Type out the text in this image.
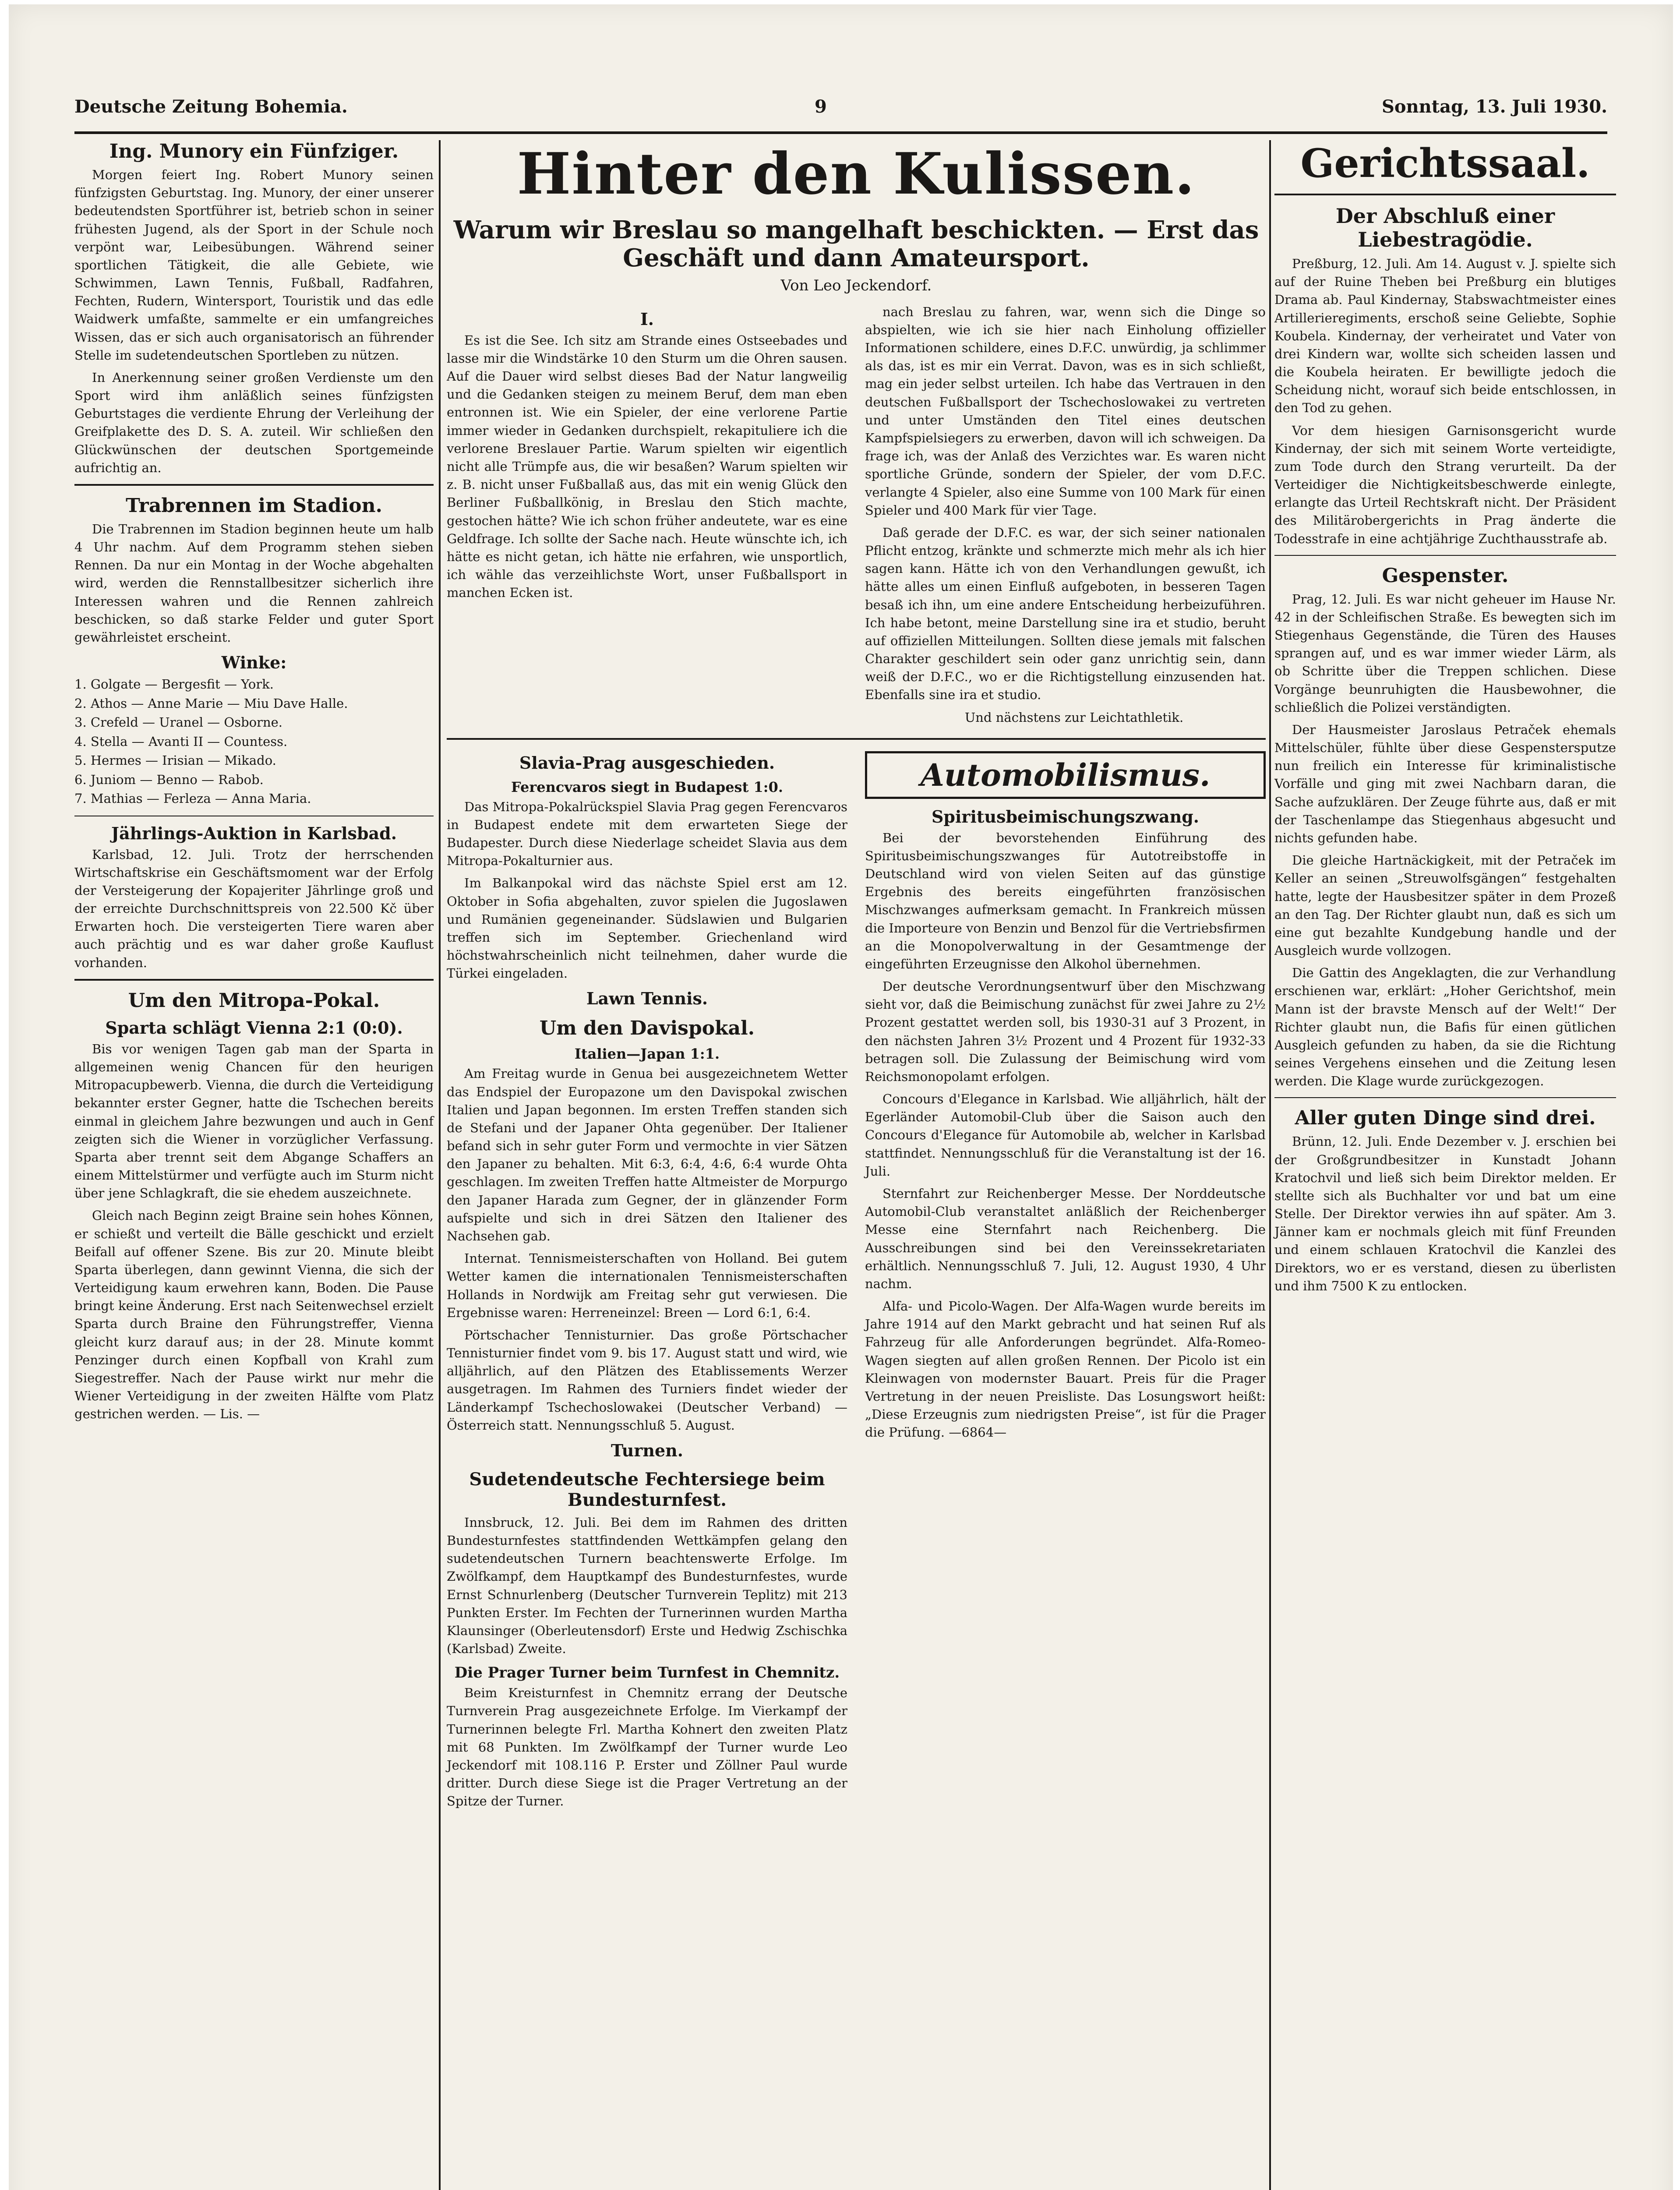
Deutsche Zeitung Bohemia.	9	Sonntag, 13. Juli 1930.
Ing. Munory ein Fünfziger.

Morgen feiert Ing. Robert Munory seinen fünfzigsten Geburtstag. Ing. Munory, der einer unserer bedeutendsten Sportführer ist, betrieb schon in seiner frühesten Jugend, als der Sport in der Schule noch verpönt war, Leibesübungen. Während seiner sportlichen Tätigkeit, die alle Gebiete, wie Schwimmen, Lawn Tennis, Fußball, Radfahren, Fechten, Rudern, Wintersport, Touristik und das edle Waidwerk umfaßte, sammelte er ein umfangreiches Wissen, das er sich auch organisatorisch an führender Stelle im sudetendeutschen Sportleben zu nützen.

In Anerkennung seiner großen Verdienste um den Sport wird ihm anläßlich seines fünfzigsten Geburtstages die verdiente Ehrung der Verleihung der Greifplakette des D. S. A. zuteil. Wir schließen den Glückwünschen der deutschen Sportgemeinde aufrichtig an.

Trabrennen im Stadion.

Die Trabrennen im Stadion beginnen heute um halb 4 Uhr nachm. Auf dem Programm stehen sieben Rennen. Da nur ein Montag in der Woche abgehalten wird, werden die Rennstallbesitzer sicherlich ihre Interessen wahren und die Rennen zahlreich beschicken, so daß starke Felder und guter Sport gewährleistet erscheint.

Winke:
1. Golgate — Bergesfit — York.
2. Athos — Anne Marie — Miu Dave Halle.
3. Crefeld — Uranel — Osborne.
4. Stella — Avanti II — Countess.
5. Hermes — Irisian — Mikado.
6. Juniom — Benno — Rabob.
7. Mathias — Ferleza — Anna Maria.
Jährlings-Auktion in Karlsbad.

Karlsbad, 12. Juli. Trotz der herrschenden Wirtschaftskrise ein Geschäftsmoment war der Erfolg der Versteigerung der Kopajeriter Jährlinge groß und der erreichte Durchschnittspreis von 22.500 Kč über Erwarten hoch. Die versteigerten Tiere waren aber auch prächtig und es war daher große Kauflust vorhanden.

Um den Mitropa-Pokal.
Sparta schlägt Vienna 2:1 (0:0).

Bis vor wenigen Tagen gab man der Sparta in allgemeinen wenig Chancen für den heurigen Mitropacupbewerb. Vienna, die durch die Verteidigung bekannter erster Gegner, hatte die Tschechen bereits einmal in gleichem Jahre bezwungen und auch in Genf zeigten sich die Wiener in vorzüglicher Verfassung. Sparta aber trennt seit dem Abgange Schaffers an einem Mittelstürmer und verfügte auch im Sturm nicht über jene Schlagkraft, die sie ehedem auszeichnete.

Gleich nach Beginn zeigt Braine sein hohes Können, er schießt und verteilt die Bälle geschickt und erzielt Beifall auf offener Szene. Bis zur 20. Minute bleibt Sparta überlegen, dann gewinnt Vienna, die sich der Verteidigung kaum erwehren kann, Boden. Die Pause bringt keine Änderung. Erst nach Seitenwechsel erzielt Sparta durch Braine den Führungstreffer, Vienna gleicht kurz darauf aus; in der 28. Minute kommt Penzinger durch einen Kopfball von Krahl zum Siegestreffer. Nach der Pause wirkt nur mehr die Wiener Verteidigung in der zweiten Hälfte vom Platz gestrichen werden. — Lis. —

Hinter den Kulissen.
Warum wir Breslau so mangelhaft beschickten. — Erst das Geschäft und dann Amateursport.
Von Leo Jeckendorf.
I.

Es ist die See. Ich sitz am Strande eines Ostseebades und lasse mir die Windstärke 10 den Sturm um die Ohren sausen. Auf die Dauer wird selbst dieses Bad der Natur langweilig und die Gedanken steigen zu meinem Beruf, dem man eben entronnen ist. Wie ein Spieler, der eine verlorene Partie immer wieder in Gedanken durchspielt, rekapituliere ich die verlorene Breslauer Partie. Warum spielten wir eigentlich nicht alle Trümpfe aus, die wir besaßen? Warum spielten wir z. B. nicht unser Fußballaß aus, das mit ein wenig Glück den Berliner Fußballkönig, in Breslau den Stich machte, gestochen hätte? Wie ich schon früher andeutete, war es eine Geldfrage. Ich sollte der Sache nach. Heute wünschte ich, ich hätte es nicht getan, ich hätte nie erfahren, wie unsportlich, ich wähle das verzeihlichste Wort, unser Fußballsport in manchen Ecken ist.

nach Breslau zu fahren, war, wenn sich die Dinge so abspielten, wie ich sie hier nach Einholung offizieller Informationen schildere, eines D.F.C. unwürdig, ja schlimmer als das, ist es mir ein Verrat. Davon, was es in sich schließt, mag ein jeder selbst urteilen. Ich habe das Vertrauen in den deutschen Fußballsport der Tschechoslowakei zu vertreten und unter Umständen den Titel eines deutschen Kampfspielsiegers zu erwerben, davon will ich schweigen. Da frage ich, was der Anlaß des Verzichtes war. Es waren nicht sportliche Gründe, sondern der Spieler, der vom D.F.C. verlangte 4 Spieler, also eine Summe von 100 Mark für einen Spieler und 400 Mark für vier Tage.

Daß gerade der D.F.C. es war, der sich seiner nationalen Pflicht entzog, kränkte und schmerzte mich mehr als ich hier sagen kann. Hätte ich von den Verhandlungen gewußt, ich hätte alles um einen Einfluß aufgeboten, in besseren Tagen besaß ich ihn, um eine andere Entscheidung herbeizuführen. Ich habe betont, meine Darstellung sine ira et studio, beruht auf offiziellen Mitteilungen. Sollten diese jemals mit falschen Charakter geschildert sein oder ganz unrichtig sein, dann weiß der D.F.C., wo er die Richtigstellung einzusenden hat. Ebenfalls sine ira et studio.

Und nächstens zur Leichtathletik.

Slavia-Prag ausgeschieden.
Ferencvaros siegt in Budapest 1:0.

Das Mitropa-Pokalrückspiel Slavia Prag gegen Ferencvaros in Budapest endete mit dem erwarteten Siege der Budapester. Durch diese Niederlage scheidet Slavia aus dem Mitropa-Pokalturnier aus.

Im Balkanpokal wird das nächste Spiel erst am 12. Oktober in Sofia abgehalten, zuvor spielen die Jugoslawen und Rumänien gegeneinander. Südslawien und Bulgarien treffen sich im September. Griechenland wird höchstwahrscheinlich nicht teilnehmen, daher wurde die Türkei eingeladen.

Lawn Tennis.
Um den Davispokal.
Italien—Japan 1:1.

Am Freitag wurde in Genua bei ausgezeichnetem Wetter das Endspiel der Europazone um den Davispokal zwischen Italien und Japan begonnen. Im ersten Treffen standen sich de Stefani und der Japaner Ohta gegenüber. Der Italiener befand sich in sehr guter Form und vermochte in vier Sätzen den Japaner zu behalten. Mit 6:3, 6:4, 4:6, 6:4 wurde Ohta geschlagen. Im zweiten Treffen hatte Altmeister de Morpurgo den Japaner Harada zum Gegner, der in glänzender Form aufspielte und sich in drei Sätzen den Italiener des Nachsehen gab.

Internat. Tennismeisterschaften von Holland. Bei gutem Wetter kamen die internationalen Tennismeisterschaften Hollands in Nordwijk am Freitag sehr gut verwiesen. Die Ergebnisse waren: Herreneinzel: Breen — Lord 6:1, 6:4.

Pörtschacher Tennisturnier. Das große Pörtschacher Tennisturnier findet vom 9. bis 17. August statt und wird, wie alljährlich, auf den Plätzen des Etablissements Werzer ausgetragen. Im Rahmen des Turniers findet wieder der Länderkampf Tschechoslowakei (Deutscher Verband) — Österreich statt. Nennungsschluß 5. August.

Turnen.
Sudetendeutsche Fechtersiege beim Bundesturnfest.

Innsbruck, 12. Juli. Bei dem im Rahmen des dritten Bundesturnfestes stattfindenden Wettkämpfen gelang den sudetendeutschen Turnern beachtenswerte Erfolge. Im Zwölfkampf, dem Hauptkampf des Bundesturnfestes, wurde Ernst Schnurlenberg (Deutscher Turnverein Teplitz) mit 213 Punkten Erster. Im Fechten der Turnerinnen wurden Martha Klaunsinger (Oberleutensdorf) Erste und Hedwig Zschischka (Karlsbad) Zweite.

Die Prager Turner beim Turnfest in Chemnitz.

Beim Kreisturnfest in Chemnitz errang der Deutsche Turnverein Prag ausgezeichnete Erfolge. Im Vierkampf der Turnerinnen belegte Frl. Martha Kohnert den zweiten Platz mit 68 Punkten. Im Zwölfkampf der Turner wurde Leo Jeckendorf mit 108.116 P. Erster und Zöllner Paul wurde dritter. Durch diese Siege ist die Prager Vertretung an der Spitze der Turner.

Automobilismus.
Spiritusbeimischungszwang.

Bei der bevorstehenden Einführung des Spiritusbeimischungszwanges für Autotreibstoffe in Deutschland wird von vielen Seiten auf das günstige Ergebnis des bereits eingeführten französischen Mischzwanges aufmerksam gemacht. In Frankreich müssen die Importeure von Benzin und Benzol für die Vertriebsfirmen an die Monopolverwaltung in der Gesamtmenge der eingeführten Erzeugnisse den Alkohol übernehmen.

Der deutsche Verordnungsentwurf über den Mischzwang sieht vor, daß die Beimischung zunächst für zwei Jahre zu 2½ Prozent gestattet werden soll, bis 1930-31 auf 3 Prozent, in den nächsten Jahren 3½ Prozent und 4 Prozent für 1932-33 betragen soll. Die Zulassung der Beimischung wird vom Reichsmonopolamt erfolgen.

Concours d'Elegance in Karlsbad. Wie alljährlich, hält der Egerländer Automobil-Club über die Saison auch den Concours d'Elegance für Automobile ab, welcher in Karlsbad stattfindet. Nennungsschluß für die Veranstaltung ist der 16. Juli.

Sternfahrt zur Reichenberger Messe. Der Norddeutsche Automobil-Club veranstaltet anläßlich der Reichenberger Messe eine Sternfahrt nach Reichenberg. Die Ausschreibungen sind bei den Vereinssekretariaten erhältlich. Nennungsschluß 7. Juli, 12. August 1930, 4 Uhr nachm.

Alfa- und Picolo-Wagen. Der Alfa-Wagen wurde bereits im Jahre 1914 auf den Markt gebracht und hat seinen Ruf als Fahrzeug für alle Anforderungen begründet. Alfa-Romeo-Wagen siegten auf allen großen Rennen. Der Picolo ist ein Kleinwagen von modernster Bauart. Preis für die Prager Vertretung in der neuen Preisliste. Das Losungswort heißt: „Diese Erzeugnis zum niedrigsten Preise“, ist für die Prager die Prüfung. —6864—

Gerichtssaal.
Der Abschluß einer Liebestragödie.

Preßburg, 12. Juli. Am 14. August v. J. spielte sich auf der Ruine Theben bei Preßburg ein blutiges Drama ab. Paul Kindernay, Stabswachtmeister eines Artillerieregiments, erschoß seine Geliebte, Sophie Koubela. Kindernay, der verheiratet und Vater von drei Kindern war, wollte sich scheiden lassen und die Koubela heiraten. Er bewilligte jedoch die Scheidung nicht, worauf sich beide entschlossen, in den Tod zu gehen.

Vor dem hiesigen Garnisonsgericht wurde Kindernay, der sich mit seinem Worte verteidigte, zum Tode durch den Strang verurteilt. Da der Verteidiger die Nichtigkeitsbeschwerde einlegte, erlangte das Urteil Rechtskraft nicht. Der Präsident des Militärobergerichts in Prag änderte die Todesstrafe in eine achtjährige Zuchthausstrafe ab.

Gespenster.

Prag, 12. Juli. Es war nicht geheuer im Hause Nr. 42 in der Schleifischen Straße. Es bewegten sich im Stiegenhaus Gegenstände, die Türen des Hauses sprangen auf, und es war immer wieder Lärm, als ob Schritte über die Treppen schlichen. Diese Vorgänge beunruhigten die Hausbewohner, die schließlich die Polizei verständigten.

Der Hausmeister Jaroslaus Petraček ehemals Mittelschüler, fühlte über diese Gespenstersputze nun freilich ein Interesse für kriminalistische Vorfälle und ging mit zwei Nachbarn daran, die Sache aufzuklären. Der Zeuge führte aus, daß er mit der Taschenlampe das Stiegenhaus abgesucht und nichts gefunden habe.

Die gleiche Hartnäckigkeit, mit der Petraček im Keller an seinen „Streuwolfsgängen“ festgehalten hatte, legte der Hausbesitzer später in dem Prozeß an den Tag. Der Richter glaubt nun, daß es sich um eine gut bezahlte Kundgebung handle und der Ausgleich wurde vollzogen.

Die Gattin des Angeklagten, die zur Verhandlung erschienen war, erklärt: „Hoher Gerichtshof, mein Mann ist der bravste Mensch auf der Welt!“ Der Richter glaubt nun, die Bafis für einen gütlichen Ausgleich gefunden zu haben, da sie die Richtung seines Vergehens einsehen und die Zeitung lesen werden. Die Klage wurde zurückgezogen.

Aller guten Dinge sind drei.

Brünn, 12. Juli. Ende Dezember v. J. erschien bei der Großgrundbesitzer in Kunstadt Johann Kratochvil und ließ sich beim Direktor melden. Er stellte sich als Buchhalter vor und bat um eine Stelle. Der Direktor verwies ihn auf später. Am 3. Jänner kam er nochmals gleich mit fünf Freunden und einem schlauen Kratochvil die Kanzlei des Direktors, wo er es verstand, diesen zu überlisten und ihm 7500 K zu entlocken.
